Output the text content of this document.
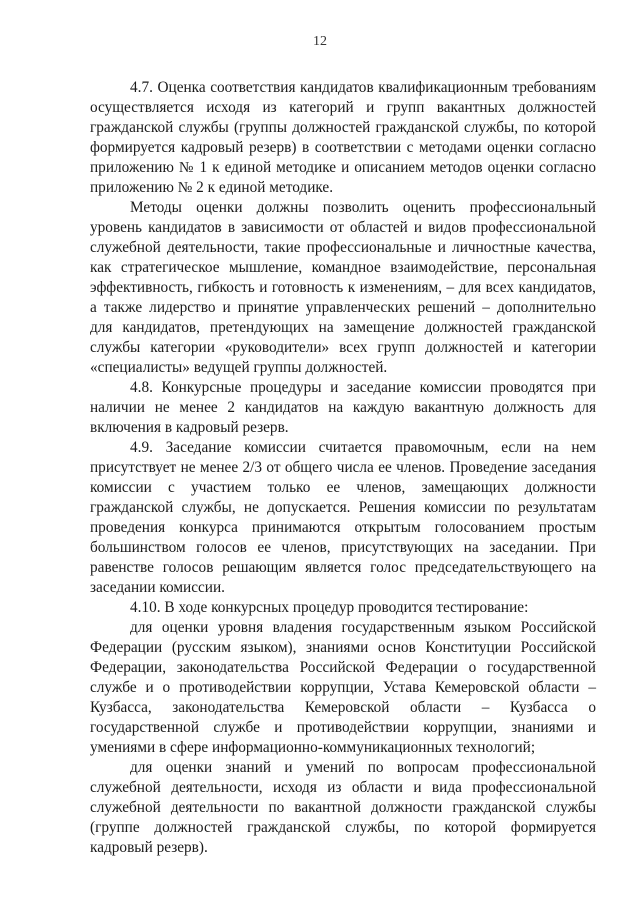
12

4.7. Оценка соответствия кандидатов квалификационным требованиям осуществляется исходя из категорий и групп вакантных должностей гражданской службы (группы должностей гражданской службы, по которой формируется кадровый резерв) в соответствии с методами оценки согласно приложению № 1 к единой методике и описанием методов оценки согласно приложению № 2 к единой методике.

Методы оценки должны позволить оценить профессиональный уровень кандидатов в зависимости от областей и видов профессиональной служебной деятельности, такие профессиональные и личностные качества, как стратегическое мышление, командное взаимодействие, персональная эффективность, гибкость и готовность к изменениям, – для всех кандидатов, а также лидерство и принятие управленческих решений – дополнительно для кандидатов, претендующих на замещение должностей гражданской службы категории «руководители» всех групп должностей и категории «специалисты» ведущей группы должностей.

4.8. Конкурсные процедуры и заседание комиссии проводятся при наличии не менее 2 кандидатов на каждую вакантную должность для включения в кадровый резерв.

4.9. Заседание комиссии считается правомочным, если на нем присутствует не менее 2/3 от общего числа ее членов. Проведение заседания комиссии с участием только ее членов, замещающих должности гражданской службы, не допускается. Решения комиссии по результатам проведения конкурса принимаются открытым голосованием простым большинством голосов ее членов, присутствующих на заседании. При равенстве голосов решающим является голос председательствующего на заседании комиссии.

4.10. В ходе конкурсных процедур проводится тестирование:

для оценки уровня владения государственным языком Российской Федерации (русским языком), знаниями основ Конституции Российской Федерации, законодательства Российской Федерации о государственной службе и о противодействии коррупции, Устава Кемеровской области – Кузбасса, законодательства Кемеровской области – Кузбасса о государственной службе и противодействии коррупции, знаниями и умениями в сфере информационно-коммуникационных технологий;

для оценки знаний и умений по вопросам профессиональной служебной деятельности, исходя из области и вида профессиональной служебной деятельности по вакантной должности гражданской службы (группе должностей гражданской службы, по которой формируется кадровый резерв).
